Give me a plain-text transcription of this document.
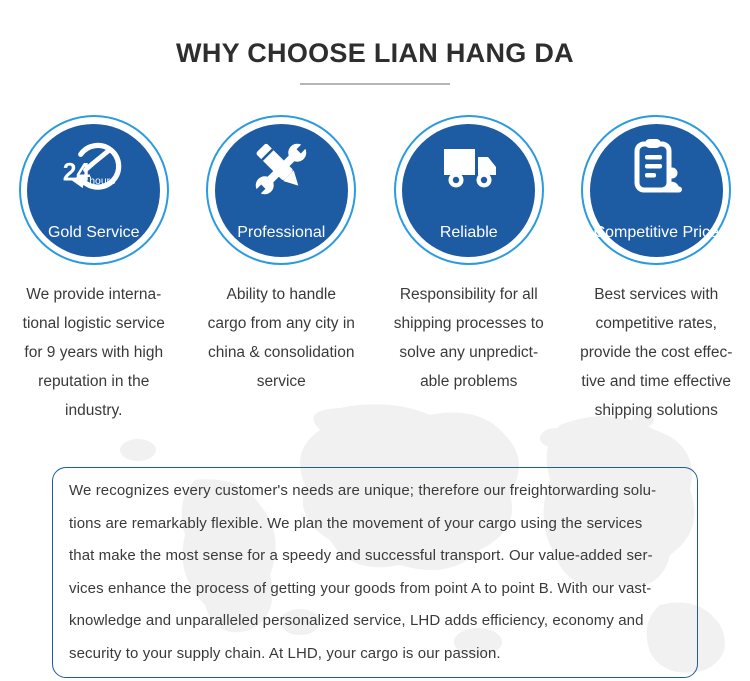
WHY CHOOSE LIAN HANG DA
24 hours
Gold Service
We provide interna-
tional logistic service
for 9 years with high
reputation in the
industry.
Professional
Ability to handle
cargo from any city in
china & consolidation
service
Reliable
Responsibility for all
shipping processes to
solve any unpredict-
able problems
Competitive Price
Best services with
competitive rates,
provide the cost effec-
tive and time effective
shipping solutions

We recognizes every customer's needs are unique; therefore our freightorwarding solu-

tions are remarkably flexible. We plan the movement of your cargo using the services

that make the most sense for a speedy and successful transport. Our value-added ser-

vices enhance the process of getting your goods from point A to point B. With our vast-

knowledge and unparalleled personalized service, LHD adds efficiency, economy and

security to your supply chain. At LHD, your cargo is our passion.
